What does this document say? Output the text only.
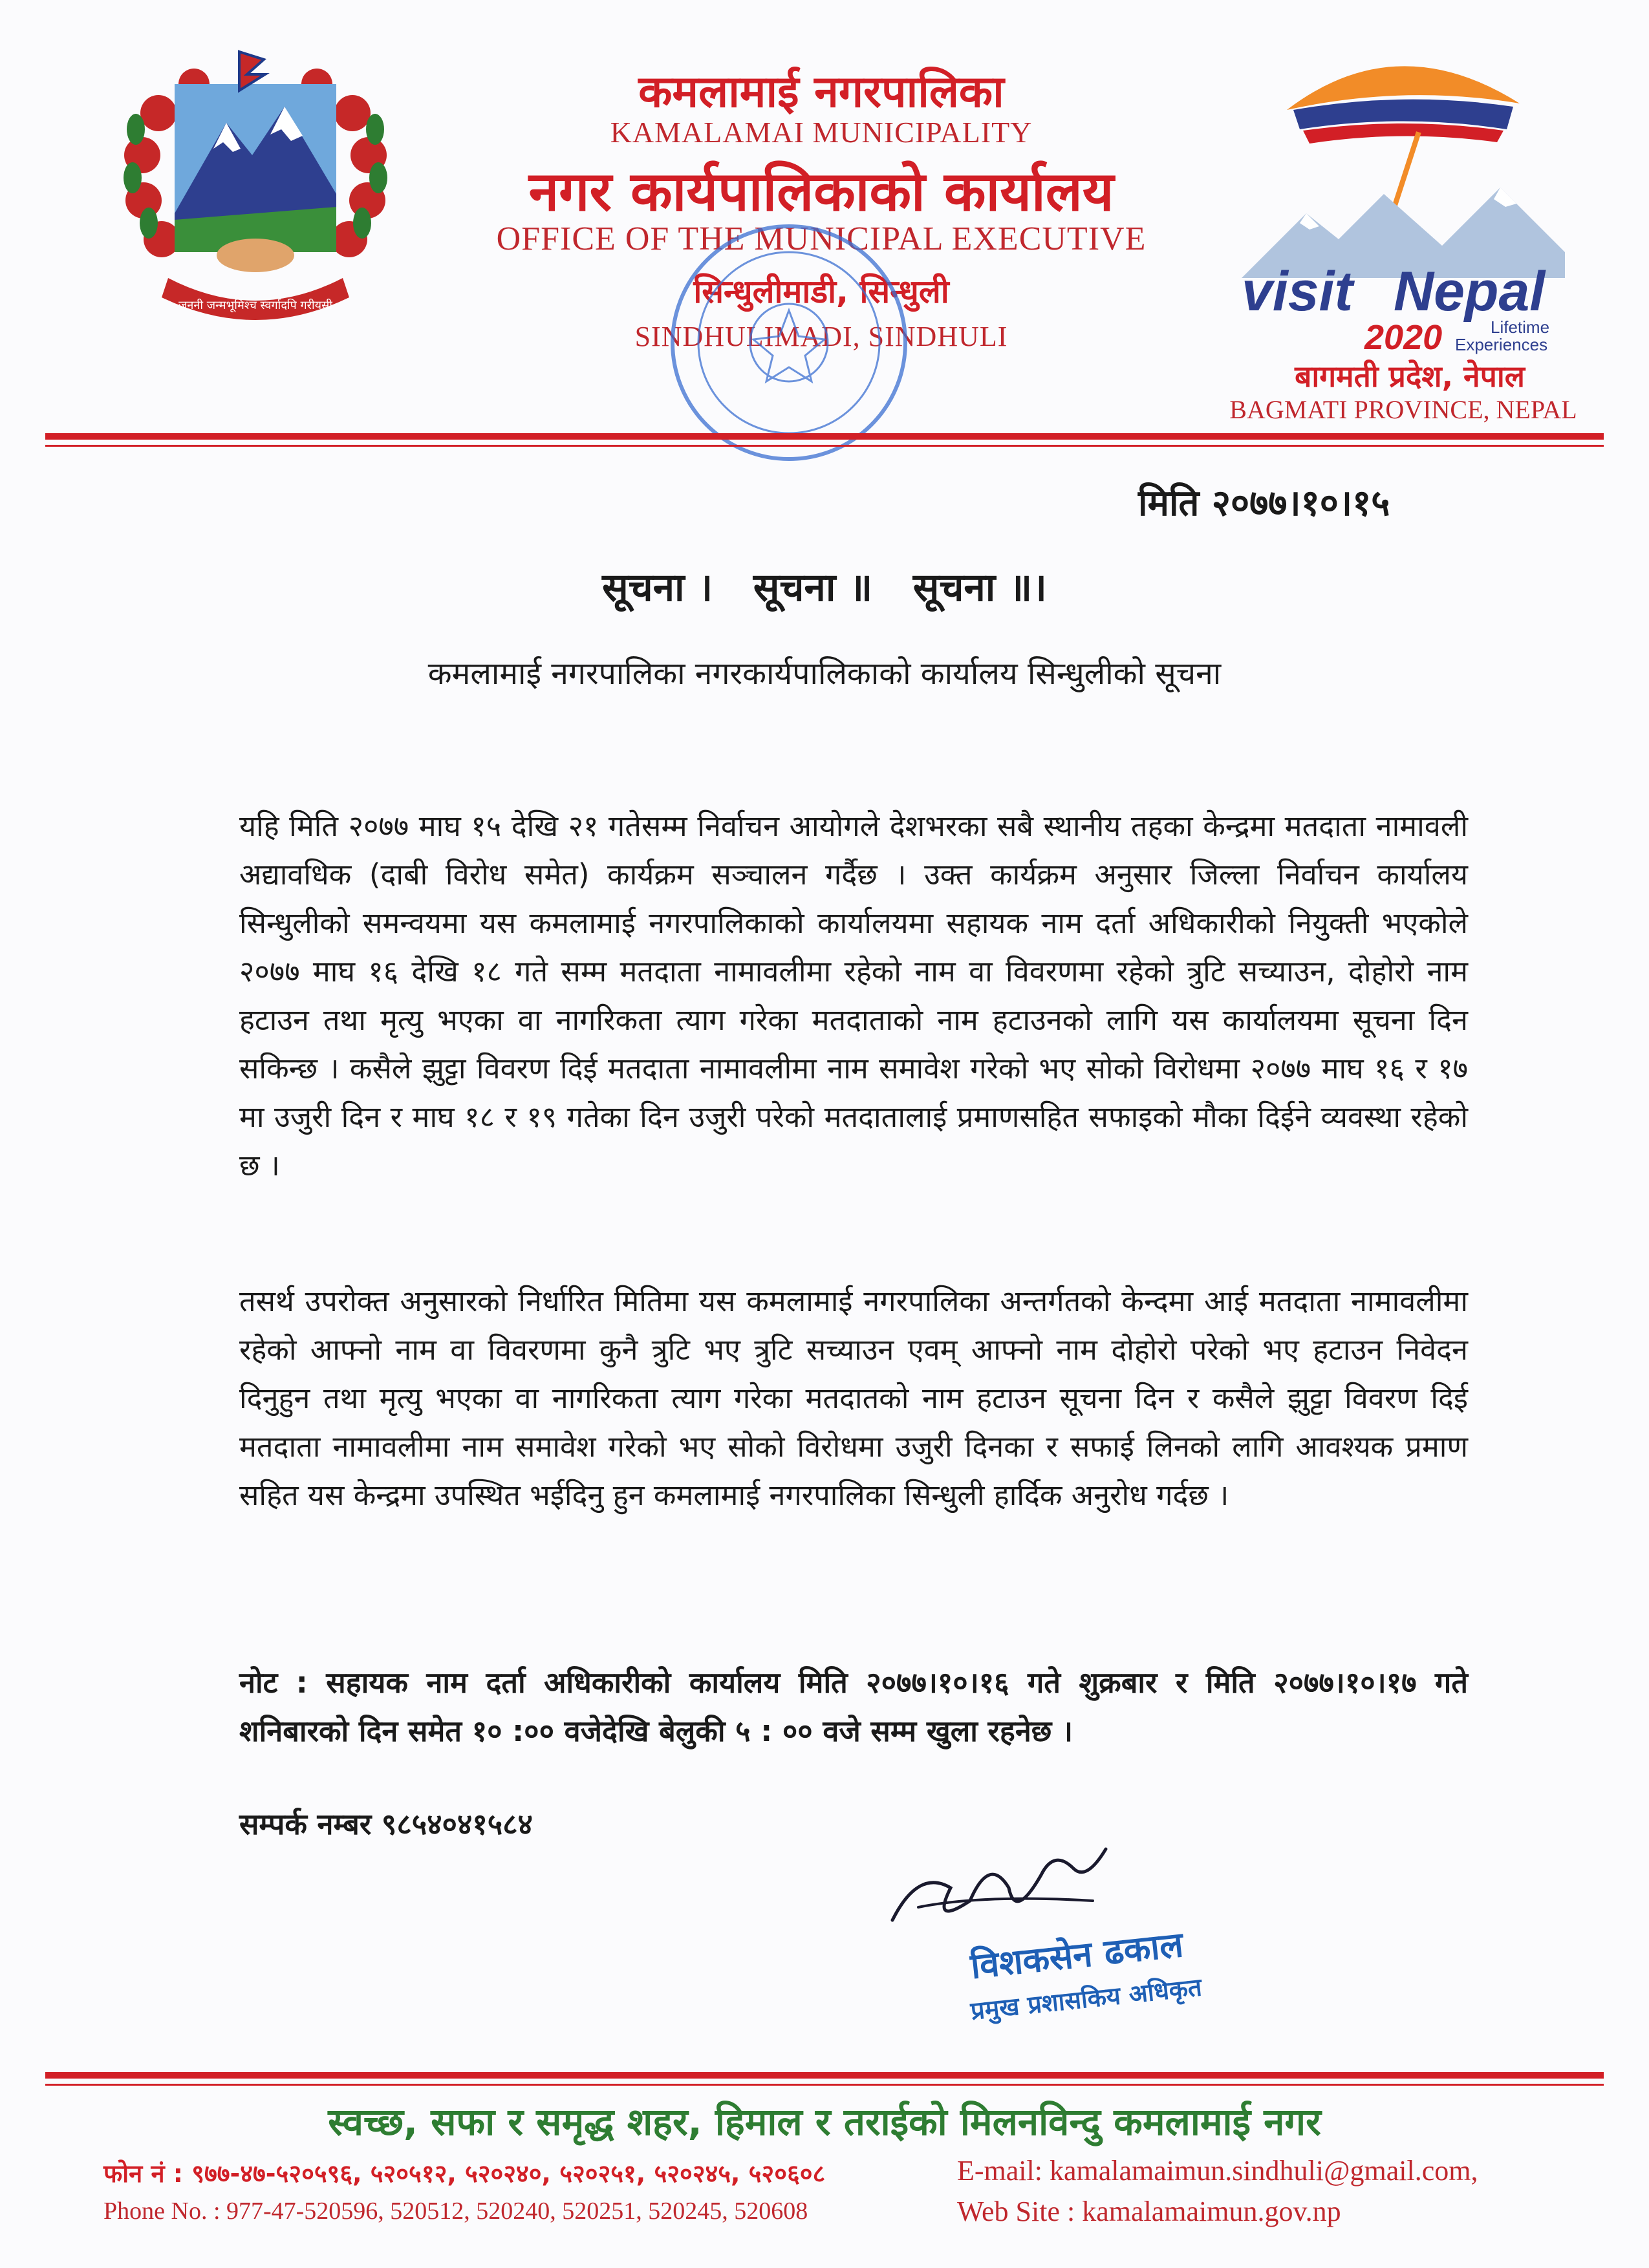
जननी जन्मभूमिश्च स्वर्गादपि गरीयसी
कमलामाई नगरपालिका
KAMALAMAI MUNICIPALITY
नगर कार्यपालिकाको कार्यालय
OFFICE OF THE MUNICIPAL EXECUTIVE
सिन्धुलीमाडी, सिन्धुली
SINDHULIMADI, SINDHULI
visit Nepal
2020	Lifetime
Experiences
बागमती प्रदेश, नेपाल
BAGMATI PROVINCE, NEPAL
मिति २०७७।१०।१५
सूचना ।   सूचना ॥   सूचना ॥।
कमलामाई नगरपालिका नगरकार्यपालिकाको कार्यालय सिन्धुलीको सूचना
यहि मिति २०७७ माघ १५ देखि २१ गतेसम्म निर्वाचन आयोगले देशभरका सबै स्थानीय तहका केन्द्रमा मतदाता नामावली अद्यावधिक (दाबी विरोध समेत) कार्यक्रम सञ्चालन गर्दैछ । उक्त कार्यक्रम अनुसार जिल्ला निर्वाचन कार्यालय सिन्धुलीको समन्वयमा यस कमलामाई नगरपालिकाको कार्यालयमा सहायक नाम दर्ता अधिकारीको नियुक्ती भएकोले २०७७ माघ १६ देखि १८ गते सम्म मतदाता नामावलीमा रहेको नाम वा विवरणमा रहेको त्रुटि सच्याउन, दोहोरो नाम हटाउन तथा मृत्यु भएका वा नागरिकता त्याग गरेका मतदाताको नाम हटाउनको लागि यस कार्यालयमा सूचना दिन सकिन्छ । कसैले झुट्टा विवरण दिई मतदाता नामावलीमा नाम समावेश गरेको भए सोको विरोधमा २०७७ माघ १६ र १७ मा उजुरी दिन र माघ १८ र १९ गतेका दिन उजुरी परेको मतदातालाई प्रमाणसहित सफाइको मौका दिईने व्यवस्था रहेको छ ।
तसर्थ उपरोक्त अनुसारको निर्धारित मितिमा यस कमलामाई नगरपालिका अन्तर्गतको केन्दमा आई मतदाता नामावलीमा रहेको आफ्नो नाम वा विवरणमा कुनै त्रुटि भए त्रुटि सच्याउन एवम् आफ्नो नाम दोहोरो परेको भए हटाउन निवेदन दिनुहुन तथा मृत्यु भएका वा नागरिकता त्याग गरेका मतदातको नाम हटाउन सूचना दिन र कसैले झुट्टा विवरण दिई मतदाता नामावलीमा नाम समावेश गरेको भए सोको विरोधमा उजुरी दिनका र सफाई लिनको लागि आवश्यक प्रमाण सहित यस केन्द्रमा उपस्थित भईदिनु हुन कमलामाई नगरपालिका सिन्धुली हार्दिक अनुरोध गर्दछ ।
नोट : सहायक नाम दर्ता अधिकारीको कार्यालय मिति २०७७।१०।१६ गते शुक्रबार र मिति २०७७।१०।१७ गते शनिबारको दिन समेत १० :०० वजेदेखि बेलुकी ५ : ०० वजे सम्म खुला रहनेछ ।
सम्पर्क नम्बर ९८५४०४१५८४
विशकसेन ढकाल
प्रमुख प्रशासकिय अधिकृत
स्वच्छ, सफा र समृद्ध शहर, हिमाल र तराईको मिलनविन्दु कमलामाई नगर
फोन नं : ९७७-४७-५२०५९६, ५२०५१२, ५२०२४०, ५२०२५१, ५२०२४५, ५२०६०८
Phone No. : 977-47-520596, 520512, 520240, 520251, 520245, 520608
E-mail: kamalamaimun.sindhuli@gmail.com,
Web Site : kamalamaimun.gov.np
